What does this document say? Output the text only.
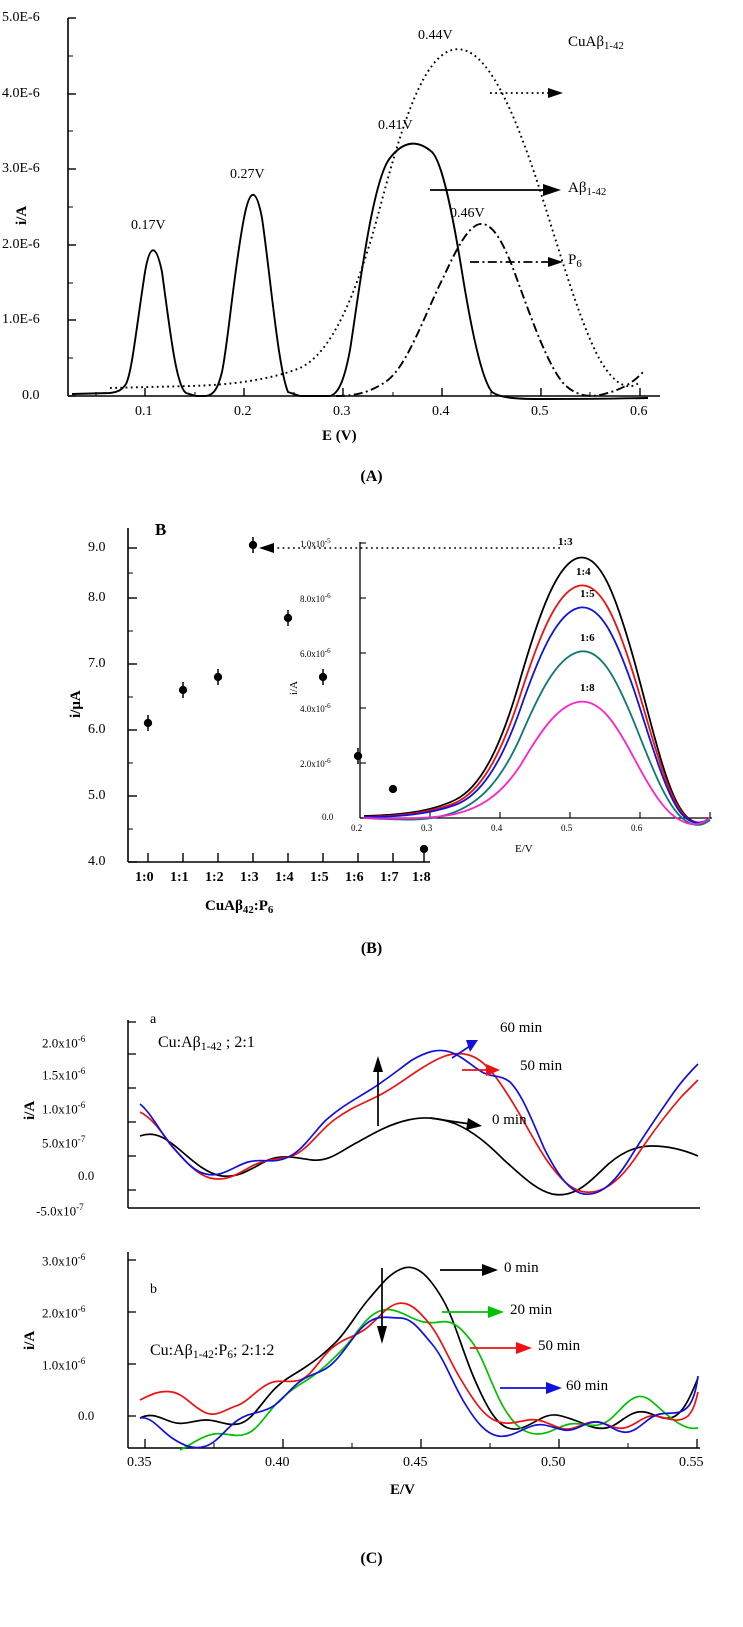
0.0
1.0E-6
2.0E-6
3.0E-6
4.0E-6
5.0E-6
0.1	0.2	0.3	0.4	0.5	0.6
E (V)
i/A
0.17V
0.27V
0.41V
0.44V
0.46V
CuAβ$_{1-42}$
$A\beta_{1-42}$
$P_6$
(A)
B
4.0
5.0
6.0
7.0
8.0
9.0
1:0 1:1 1:2 1:3 1:4 1:5 1:6 1:7 1:8
$CuA\beta_{42}:P_6$
i/μA
0.0
$2.0x10^{-6}$
$4.0x10^{-6}$
$6.0x10^{-6}$
$8.0x10^{-6}$
$1.0x10^{-5}$
0.2	0.3	0.4	0.5	0.6
E/V
i/A
1:3
1:4
1:5
1:6
1:8
(B)
a
$Cu:A\beta_{1-42}$ ; 2:1
$-5.0x10^{-7}$
0.0
$5.0x10^{-7}$
$1.0x10^{-6}$
$1.5x10^{-6}$
$2.0x10^{-6}$
i/A
60 min
50 min
0 min
b
$Cu:A\beta_{1-42}:P_6$; 2:1:2
0.0
$1.0x10^{-6}$
$2.0x10^{-6}$
$3.0x10^{-6}$
i/A
0 min
20 min
50 min
60 min
0.35	0.40	0.45	0.50	0.55
E/V
(C)
